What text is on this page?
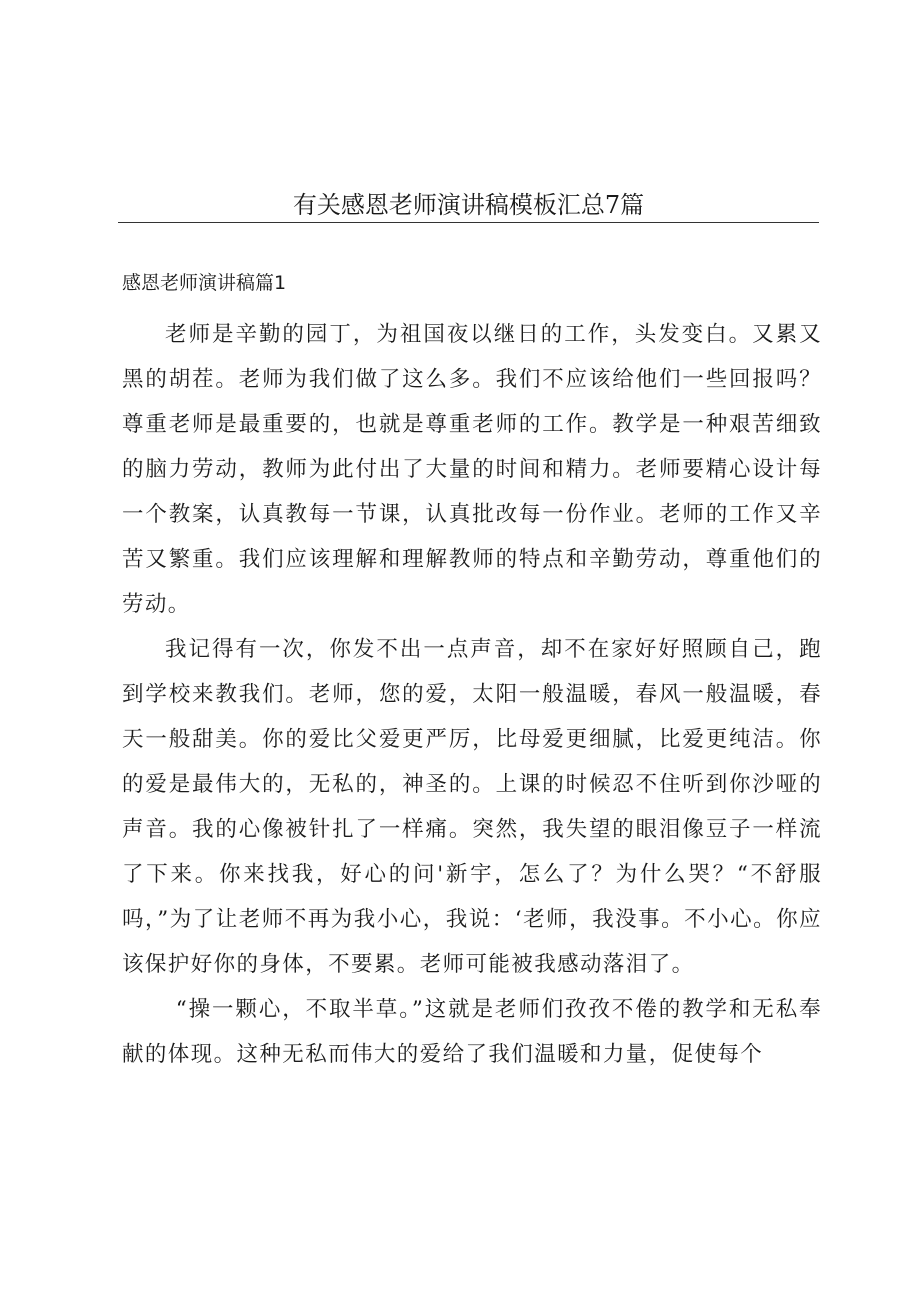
有关感恩老师演讲稿模板汇总7篇
感恩老师演讲稿篇1

老师是辛勤的园丁，为祖国夜以继日的工作，头发变白。又累又黑的胡茬。老师为我们做了这么多。我们不应该给他们一些回报吗？尊重老师是最重要的，也就是尊重老师的工作。教学是一种艰苦细致的脑力劳动，教师为此付出了大量的时间和精力。老师要精心设计每一个教案，认真教每一节课，认真批改每一份作业。老师的工作又辛苦又繁重。我们应该理解和理解教师的特点和辛勤劳动，尊重他们的劳动。

我记得有一次，你发不出一点声音，却不在家好好照顾自己，跑到学校来教我们。老师，您的爱，太阳一般温暖，春风一般温暖，春天一般甜美。你的爱比父爱更严厉，比母爱更细腻，比爱更纯洁。你的爱是最伟大的，无私的，神圣的。上课的时候忍不住听到你沙哑的声音。我的心像被针扎了一样痛。突然，我失望的眼泪像豆子一样流了下来。你来找我，好心的问'新宇，怎么了？为什么哭？“不舒服吗，”为了让老师不再为我小心，我说：‘老师，我没事。不小心。你应该保护好你的身体，不要累。老师可能被我感动落泪了。

“操一颗心，不取半草。”这就是老师们孜孜不倦的教学和无私奉献的体现。这种无私而伟大的爱给了我们温暖和力量，促使每个
